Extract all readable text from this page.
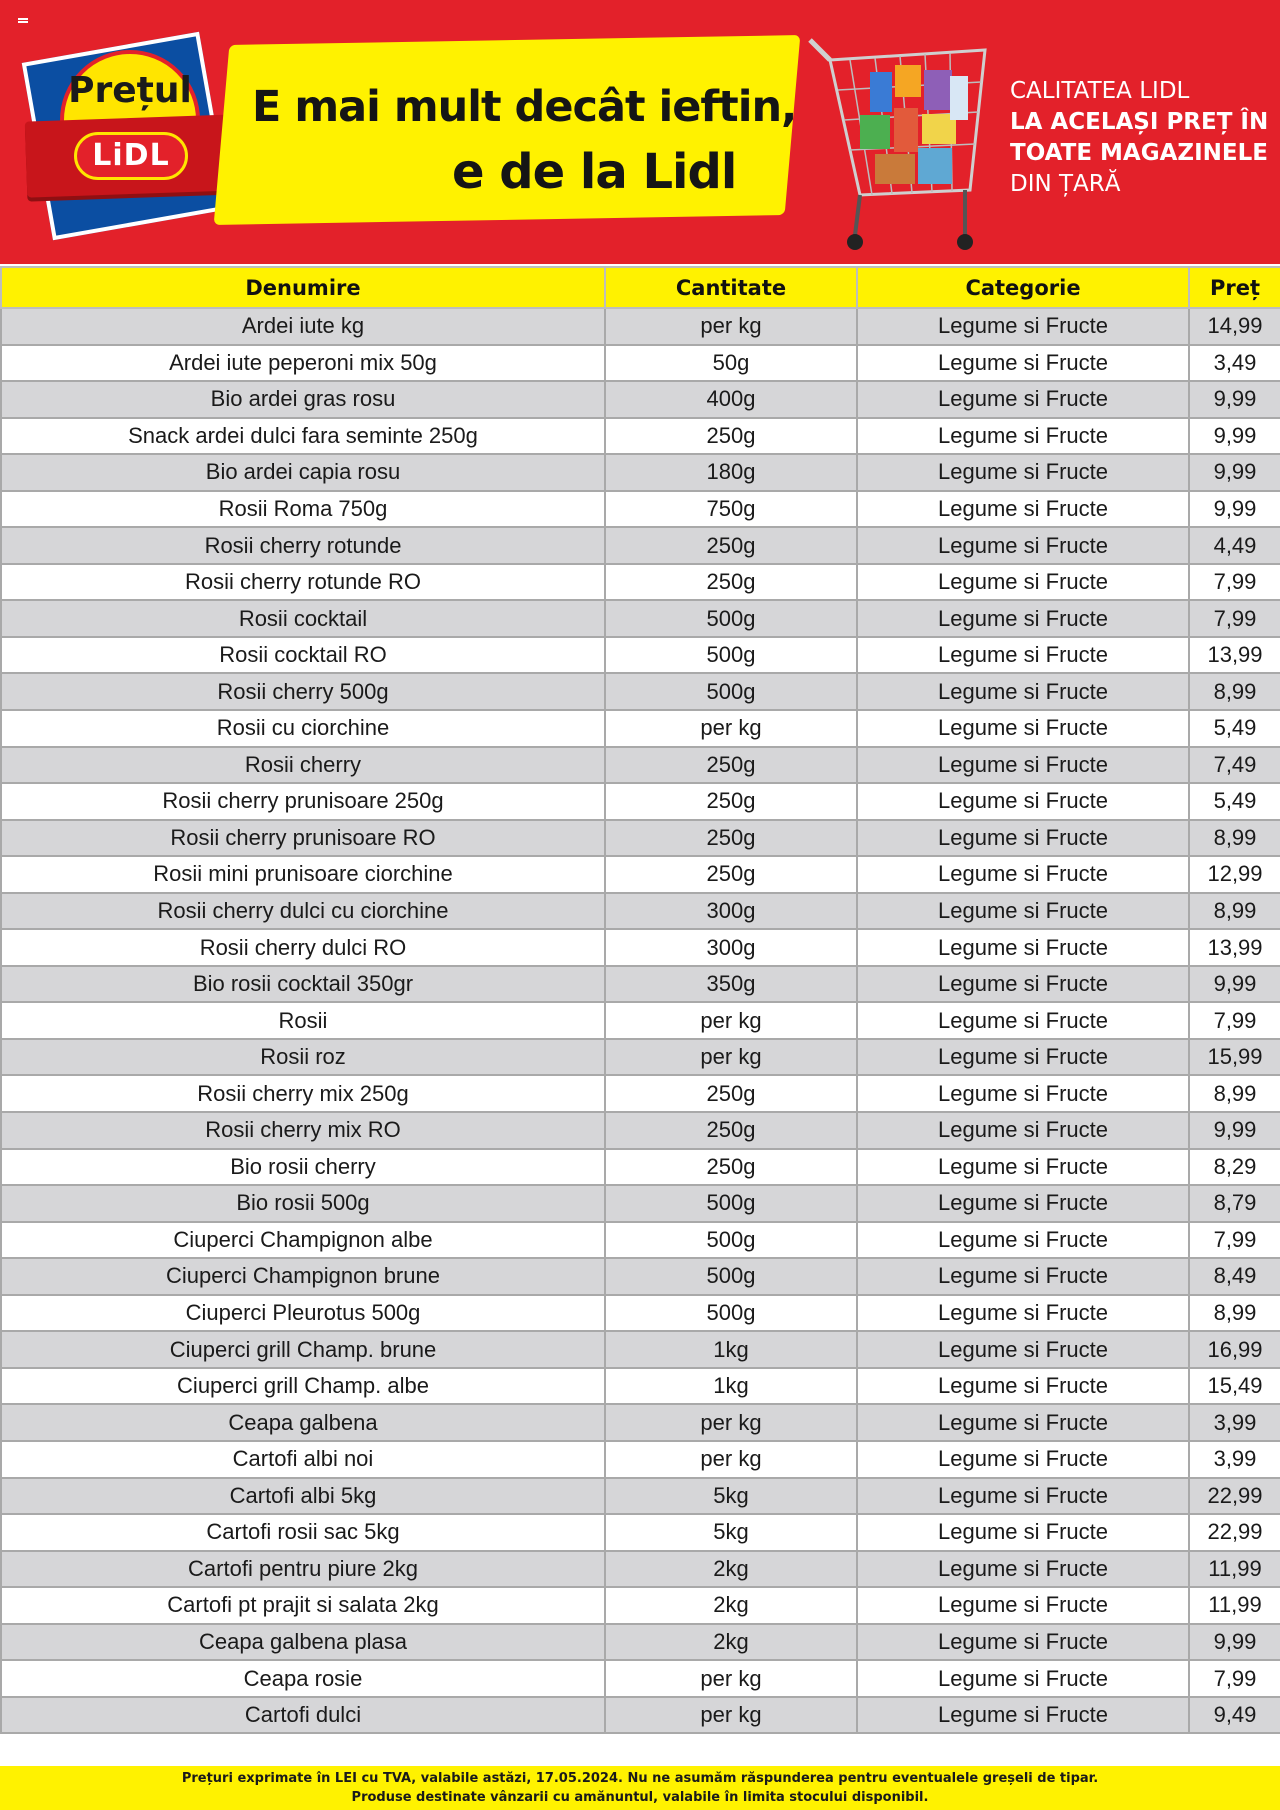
Prețul
LiDL
E mai mult decât ieftin,
e de la Lidl
CALITATEA LIDL
LA ACELAȘI PREȚ ÎN
TOATE MAGAZINELE
DIN ȚARĂ
Denumire	Cantitate	Categorie	Preț
Ardei iute kg	per kg	Legume si Fructe	14,99
Ardei iute peperoni mix 50g	50g	Legume si Fructe	3,49
Bio ardei gras rosu	400g	Legume si Fructe	9,99
Snack ardei dulci fara seminte 250g	250g	Legume si Fructe	9,99
Bio ardei capia rosu	180g	Legume si Fructe	9,99
Rosii Roma 750g	750g	Legume si Fructe	9,99
Rosii cherry rotunde	250g	Legume si Fructe	4,49
Rosii cherry rotunde RO	250g	Legume si Fructe	7,99
Rosii cocktail	500g	Legume si Fructe	7,99
Rosii cocktail RO	500g	Legume si Fructe	13,99
Rosii cherry 500g	500g	Legume si Fructe	8,99
Rosii cu ciorchine	per kg	Legume si Fructe	5,49
Rosii cherry	250g	Legume si Fructe	7,49
Rosii cherry prunisoare 250g	250g	Legume si Fructe	5,49
Rosii cherry prunisoare RO	250g	Legume si Fructe	8,99
Rosii mini prunisoare ciorchine	250g	Legume si Fructe	12,99
Rosii cherry dulci cu ciorchine	300g	Legume si Fructe	8,99
Rosii cherry dulci RO	300g	Legume si Fructe	13,99
Bio rosii cocktail 350gr	350g	Legume si Fructe	9,99
Rosii	per kg	Legume si Fructe	7,99
Rosii roz	per kg	Legume si Fructe	15,99
Rosii cherry mix 250g	250g	Legume si Fructe	8,99
Rosii cherry mix RO	250g	Legume si Fructe	9,99
Bio rosii cherry	250g	Legume si Fructe	8,29
Bio rosii 500g	500g	Legume si Fructe	8,79
Ciuperci Champignon albe	500g	Legume si Fructe	7,99
Ciuperci Champignon brune	500g	Legume si Fructe	8,49
Ciuperci Pleurotus 500g	500g	Legume si Fructe	8,99
Ciuperci grill Champ. brune	1kg	Legume si Fructe	16,99
Ciuperci grill Champ. albe	1kg	Legume si Fructe	15,49
Ceapa galbena	per kg	Legume si Fructe	3,99
Cartofi albi noi	per kg	Legume si Fructe	3,99
Cartofi albi 5kg	5kg	Legume si Fructe	22,99
Cartofi rosii sac 5kg	5kg	Legume si Fructe	22,99
Cartofi pentru piure 2kg	2kg	Legume si Fructe	11,99
Cartofi pt prajit si salata 2kg	2kg	Legume si Fructe	11,99
Ceapa galbena plasa	2kg	Legume si Fructe	9,99
Ceapa rosie	per kg	Legume si Fructe	7,99
Cartofi dulci	per kg	Legume si Fructe	9,49
Prețuri exprimate în LEI cu TVA, valabile astăzi, 17.05.2024. Nu ne asumăm răspunderea pentru eventualele greșeli de tipar.
Produse destinate vânzarii cu amănuntul, valabile în limita stocului disponibil.
